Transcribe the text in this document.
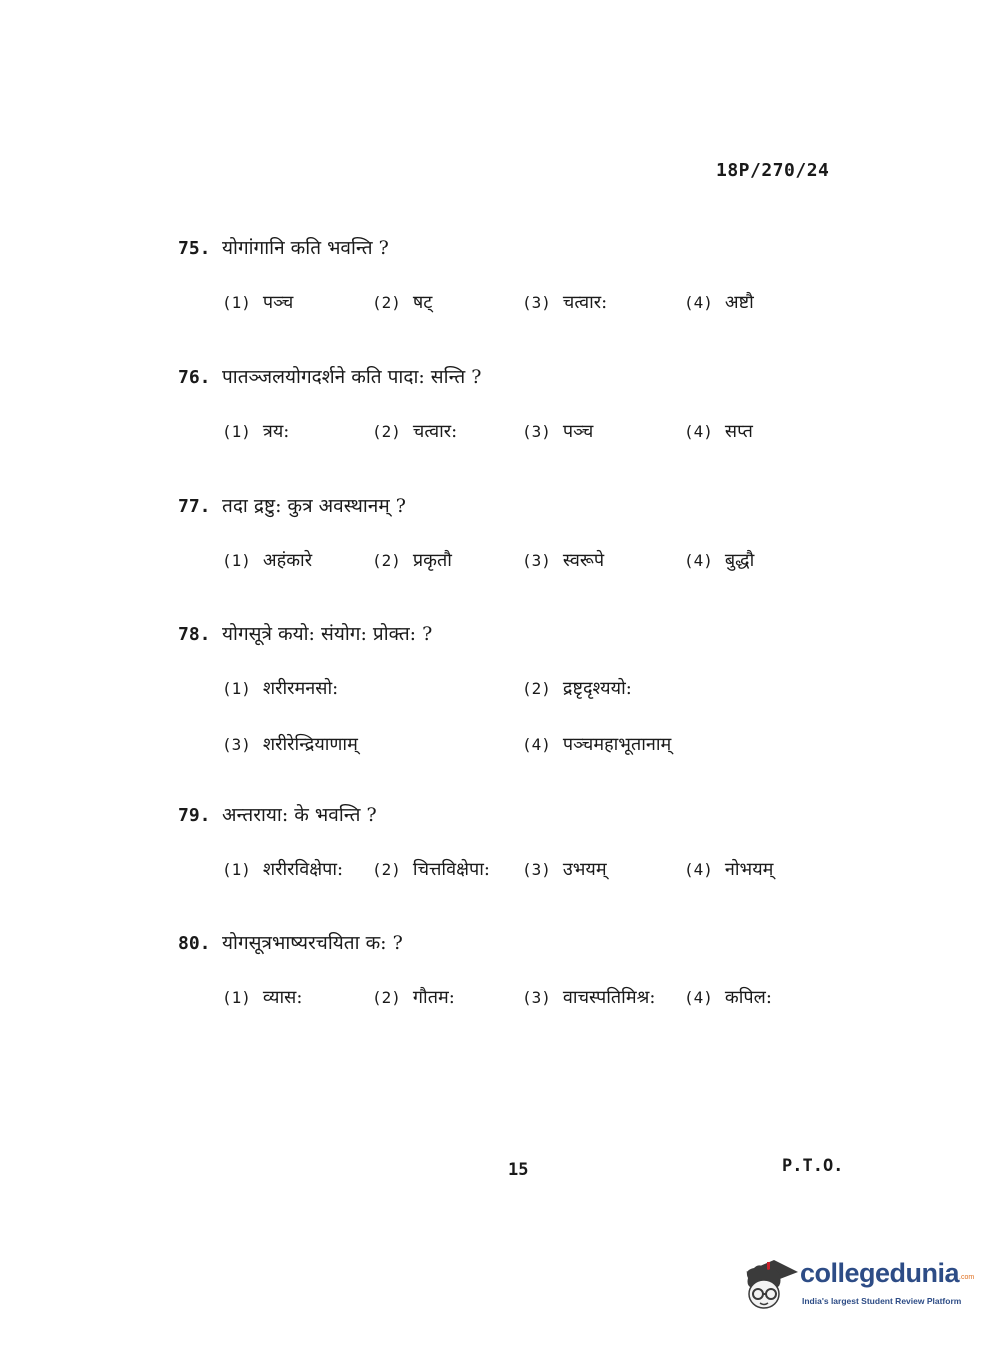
18P/270/24
75. योगांगानि कति भवन्ति ?
(1) पञ्च	(2) षट्	(3) चत्वार:	(4) अष्टौ
76. पातञ्जलयोगदर्शने कति पादा: सन्ति ?
(1) त्रय:	(2) चत्वार:	(3) पञ्च	(4) सप्त
77. तदा द्रष्टु: कुत्र अवस्थानम् ?
(1) अहंकारे	(2) प्रकृतौ	(3) स्वरूपे	(4) बुद्धौ
78. योगसूत्रे कयो: संयोग: प्रोक्त: ?
(1) शरीरमनसो:	(2) द्रष्टृदृश्ययो:
(3) शरीरेन्द्रियाणाम्	(4) पञ्चमहाभूतानाम्
79. अन्तराया: के भवन्ति ?
(1) शरीरविक्षेपा: (2) चित्तविक्षेपा: (3) उभयम्	(4) नोभयम्
80. योगसूत्रभाष्यरचयिता क: ?
(1) व्यास:	(2) गौतम:	(3) वाचस्पतिमिश्र: (4) कपिल:
15	P.T.O.
collegedunia .com
India's largest Student Review Platform
